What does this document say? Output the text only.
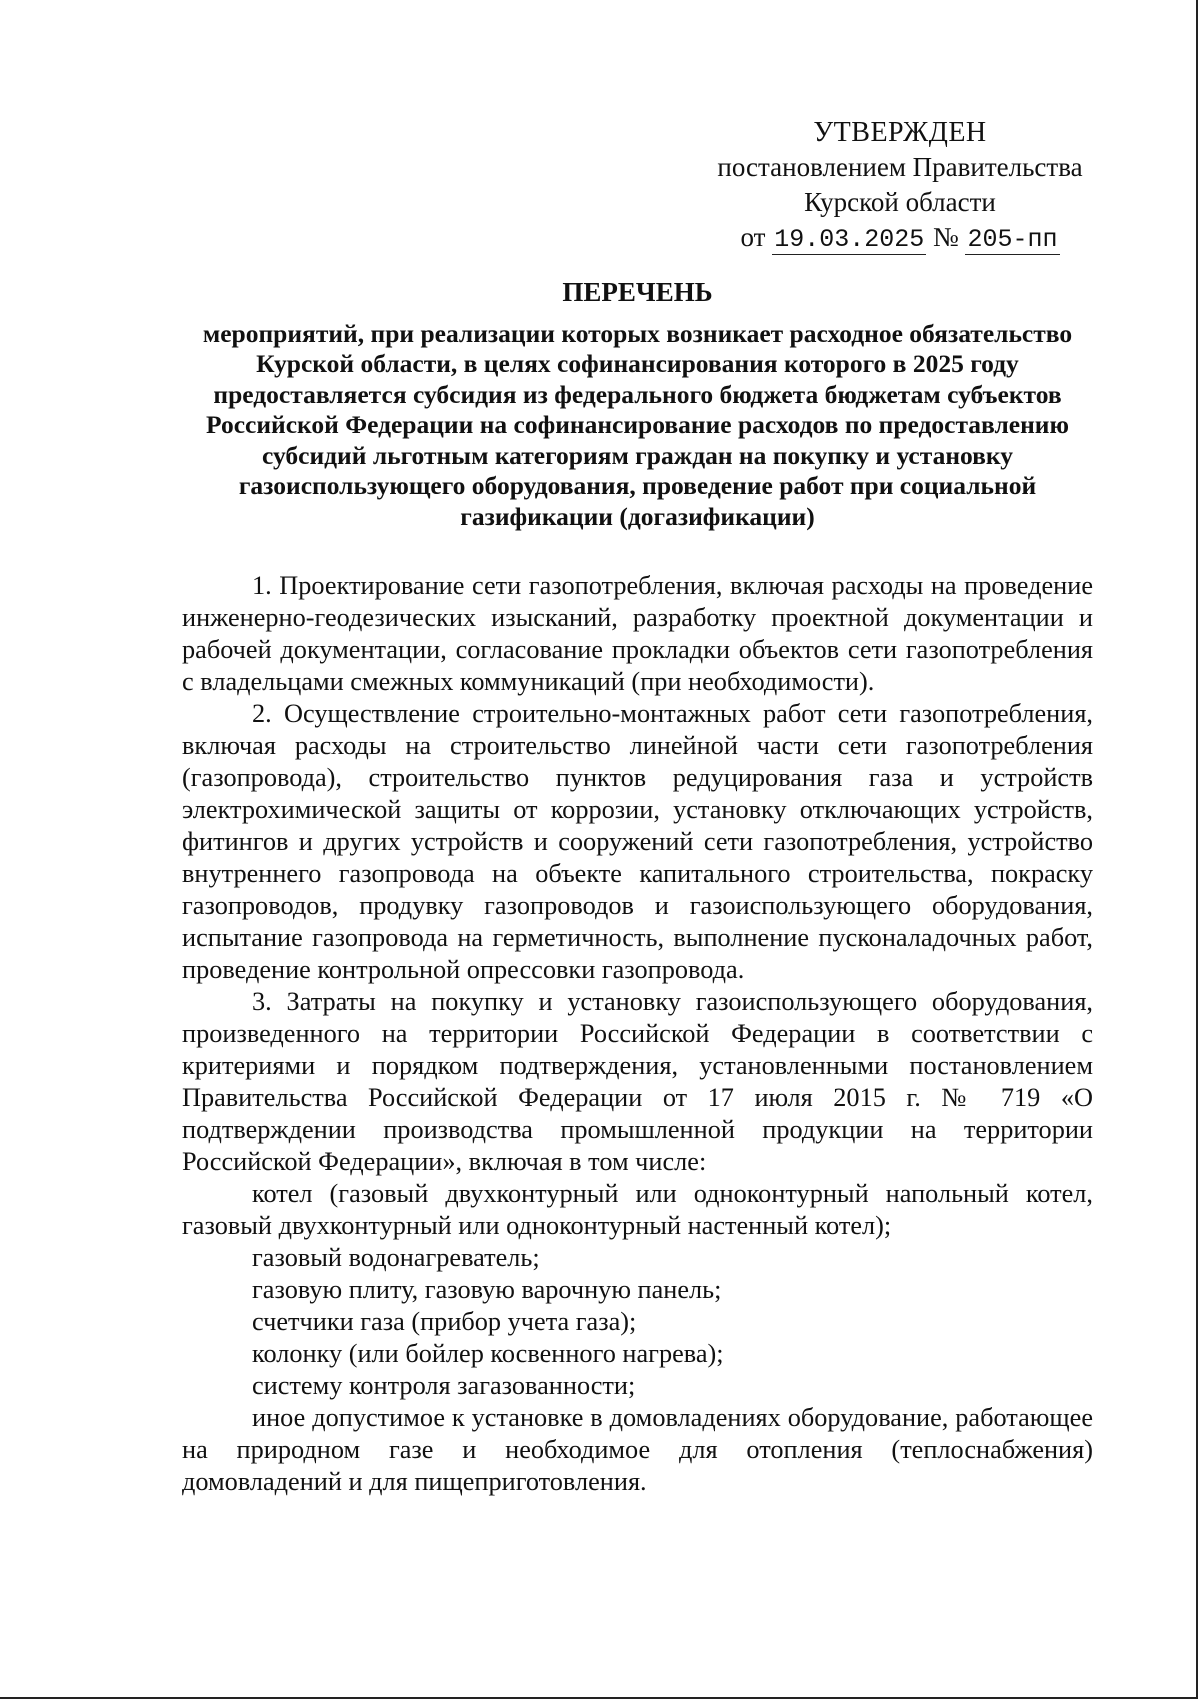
УТВЕРЖДЕН
постановлением Правительства
Курской области
от 19.03.2025 № 205-пп
ПЕРЕЧЕНЬ
мероприятий, при реализации которых возникает расходное обязательство Курской области, в целях софинансирования которого в 2025 году предоставляется субсидия из федерального бюджета бюджетам субъектов Российской Федерации на софинансирование расходов по предоставлению субсидий льготным категориям граждан на покупку и установку газоиспользующего оборудования, проведение работ при социальной газификации (догазификации)

1. Проектирование сети газопотребления, включая расходы на проведение инженерно-геодезических изысканий, разработку проектной документации и рабочей документации, согласование прокладки объектов сети газопотребления с владельцами смежных коммуникаций (при необходимости).

2. Осуществление строительно-монтажных работ сети газопотребления, включая расходы на строительство линейной части сети газопотребления (газопровода), строительство пунктов редуцирования газа и устройств электрохимической защиты от коррозии, установку отключающих устройств, фитингов и других устройств и сооружений сети газопотребления, устройство внутреннего газопровода на объекте капитального строительства, покраску газопроводов, продувку газопроводов и газоиспользующего оборудования, испытание газопровода на герметичность, выполнение пусконаладочных работ, проведение контрольной опрессовки газопровода.

3. Затраты на покупку и установку газоиспользующего оборудования, произведенного на территории Российской Федерации в соответствии с критериями и порядком подтверждения, установленными постановлением Правительства Российской Федерации от 17 июля 2015 г. № 719 «О подтверждении производства промышленной продукции на территории Российской Федерации», включая в том числе:

котел (газовый двухконтурный или одноконтурный напольный котел, газовый двухконтурный или одноконтурный настенный котел);

газовый водонагреватель;

газовую плиту, газовую варочную панель;

счетчики газа (прибор учета газа);

колонку (или бойлер косвенного нагрева);

систему контроля загазованности;

иное допустимое к установке в домовладениях оборудование, работающее на природном газе и необходимое для отопления (теплоснабжения) домовладений и для пищеприготовления.
